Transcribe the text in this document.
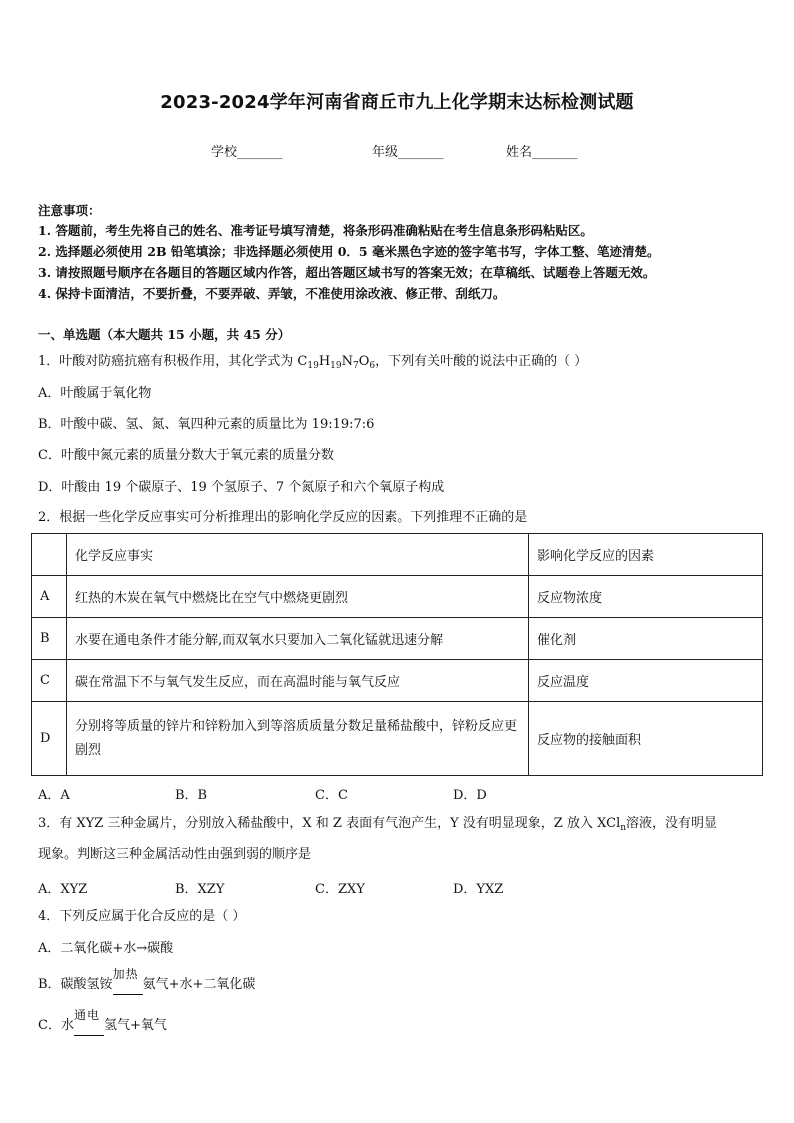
2023-2024学年河南省商丘市九上化学期末达标检测试题
学校_______	年级_______	姓名_______
注意事项：
1. 答题前，考生先将自己的姓名、准考证号填写清楚，将条形码准确粘贴在考生信息条形码粘贴区。
2. 选择题必须使用 2B 铅笔填涂；非选择题必须使用 0．5 毫米黑色字迹的签字笔书写，字体工整、笔迹清楚。
3. 请按照题号顺序在各题目的答题区域内作答，超出答题区域书写的答案无效；在草稿纸、试题卷上答题无效。
4. 保持卡面清洁，不要折叠，不要弄破、弄皱，不准使用涂改液、修正带、刮纸刀。
一、单选题（本大题共 15 小题，共 45 分）
1．叶酸对防癌抗癌有积极作用，其化学式为 $C_{19}H_{19}N_7O_6$，下列有关叶酸的说法中正确的（ ）
A．叶酸属于氧化物
B．叶酸中碳、氢、氮、氧四种元素的质量比为 19:19:7:6
C．叶酸中氮元素的质量分数大于氧元素的质量分数
D．叶酸由 19 个碳原子、19 个氢原子、7 个氮原子和六个氧原子构成
2．根据一些化学反应事实可分析推理出的影响化学反应的因素。下列推理不正确的是
	化学反应事实	影响化学反应的因素
A	红热的木炭在氧气中燃烧比在空气中燃烧更剧烈	反应物浓度
B	水要在通电条件才能分解,而双氧水只要加入二氧化锰就迅速分解	催化剂
C	碳在常温下不与氧气发生反应，而在高温时能与氧气反应	反应温度
D	分别将等质量的锌片和锌粉加入到等溶质质量分数足量稀盐酸中，锌粉反应更剧烈	反应物的接触面积
A．A	B．B	C．C	D．D
3．有 XYZ 三种金属片，分别放入稀盐酸中，X 和 Z 表面有气泡产生，Y 没有明显现象，Z 放入 XCl$_n$溶液，没有明显
现象。判断这三种金属活动性由强到弱的顺序是
A．XYZ	B．XZY	C．ZXY	D．YXZ
4．下列反应属于化合反应的是（ ）
A．二氧化碳+水→碳酸
B．碳酸氢铵
加热
氨气+水+二氧化碳
C．水
通电
氢气+氧气
